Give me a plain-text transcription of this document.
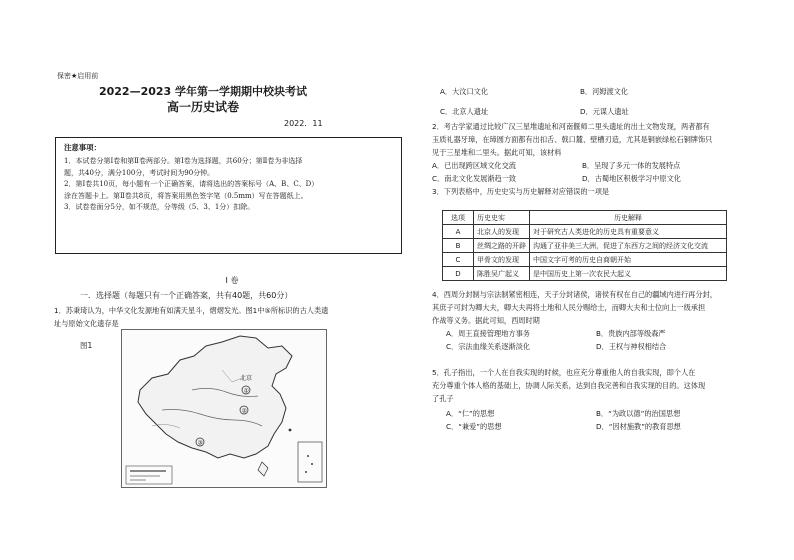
保密★启用前
2022—2023 学年第一学期期中校块考试
高一历史试卷
2022．11
注意事项：

1．本试卷分第Ⅰ卷和第Ⅱ卷两部分。第Ⅰ卷为选择题，共60分；第Ⅱ卷为非选择

题，共40分，满分100分，考试时间为90分钟。

2．第Ⅰ卷共10页，每小题有一个正确答案，请将选出的答案标号（A、B、C、D）

涂在答题卡上。第Ⅱ卷共8页，将答案用黑色签字笔（0.5mm）写在答题纸上。

3．试卷卷面分5分，如不规范，分等级（5、3、1分）扣除。

Ⅰ 卷
一．选择题（每题只有一个正确答案，共有40题，共60分）

1．苏秉琦认为，中华文化发源地有如满天星斗，熠熠发光。图1中⑤所标识的古人类遗

址与原始文化遗存是

图1
北京
①
②
③
A．大汶口文化	B．河姆渡文化
C．北京人遗址	D．元谋人遗址

2．考古学家通过比较广汉三星堆遗址和河南偃师二里头遗址的出土文物发现，两者都有

玉质礼器牙璋，在璋圆方面都有出扣舌、戟口麓、壁槽刃造，尤其是铜嵌绿松石铜牌饰只

见于三星堆和二里头。据此可知，该材料

A．已出现跨区域文化交流	B．呈现了多元一体的发展特点
C．南北文化发展渐趋一致	D．古蜀地区积极学习中原文化

3．下列表格中，历史史实与历史解释对应错误的一项是

选项	历史史实	历史解释
A	北京人的发现	对于研究古人类进化的历史具有重要意义
B	丝绸之路的开辟	沟通了亚非美三大洲，促进了东西方之间的经济文化交流
C	甲骨文的发现	中国文字可考的历史自商朝开始
D	陈胜吴广起义	是中国历史上第一次农民大起义

4．西周分封制与宗法制紧密相连，天子分封诸侯，诸侯有权在自己的疆域内进行再分封，

其庶子可封为卿大夫，卿大夫再将土地和人民分赐给士，而卿大夫和士位向上一级承担

作战等义务。据此可知，西周时期

A．周王直接管理地方事务	B．贵族内部等级森严
C．宗法血缘关系逐渐淡化	D．王权与神权相结合

5．孔子指出，一个人在自我实现的时候，也应充分尊重他人的自我实现，即个人在

充分尊重个体人格的基础上，协调人际关系，达到自我完善和自我实现的目的。这体现

了孔子

A．“仁”的思想	B．“为政以德”的治国思想
C．“兼爱”的思想	D．“因材施教”的教育思想
